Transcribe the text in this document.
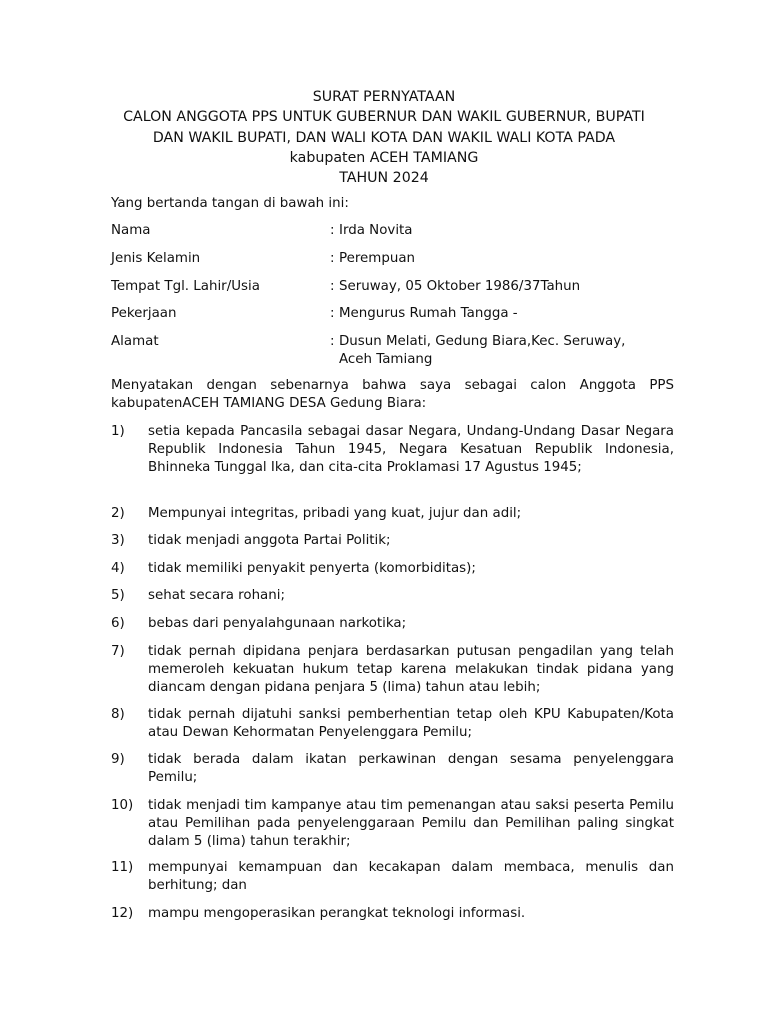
SURAT PERNYATAAN
CALON ANGGOTA PPS UNTUK GUBERNUR DAN WAKIL GUBERNUR, BUPATI
DAN WAKIL BUPATI, DAN WALI KOTA DAN WAKIL WALI KOTA PADA
kabupaten ACEH TAMIANG
TAHUN 2024
Yang bertanda tangan di bawah ini:
Nama	: Irda Novita
Jenis Kelamin	: Perempuan
Tempat Tgl. Lahir/Usia	: Seruway, 05 Oktober 1986/37Tahun
Pekerjaan	: Mengurus Rumah Tangga -
Alamat	: Dusun Melati, Gedung Biara,Kec. Seruway,
Aceh Tamiang
Menyatakan dengan sebenarnya bahwa saya sebagai calon Anggota PPS
kabupatenACEH TAMIANG DESA Gedung Biara:
1)	setia kepada Pancasila sebagai dasar Negara, Undang-Undang Dasar Negara Republik Indonesia Tahun 1945, Negara Kesatuan Republik Indonesia, Bhinneka Tunggal Ika, dan cita-cita Proklamasi 17 Agustus 1945;
2)	Mempunyai integritas, pribadi yang kuat, jujur dan adil;
3)	tidak menjadi anggota Partai Politik;
4)	tidak memiliki penyakit penyerta (komorbiditas);
5)	sehat secara rohani;
6)	bebas dari penyalahgunaan narkotika;
7)	tidak pernah dipidana penjara berdasarkan putusan pengadilan yang telah memeroleh kekuatan hukum tetap karena melakukan tindak pidana yang diancam dengan pidana penjara 5 (lima) tahun atau lebih;
8)	tidak pernah dijatuhi sanksi pemberhentian tetap oleh KPU Kabupaten/Kota atau Dewan Kehormatan Penyelenggara Pemilu;
9)	tidak berada dalam ikatan perkawinan dengan sesama penyelenggara Pemilu;
10)	tidak menjadi tim kampanye atau tim pemenangan atau saksi peserta Pemilu atau Pemilihan pada penyelenggaraan Pemilu dan Pemilihan paling singkat dalam 5 (lima) tahun terakhir;
11)	mempunyai kemampuan dan kecakapan dalam membaca, menulis dan berhitung; dan
12)	mampu mengoperasikan perangkat teknologi informasi.
